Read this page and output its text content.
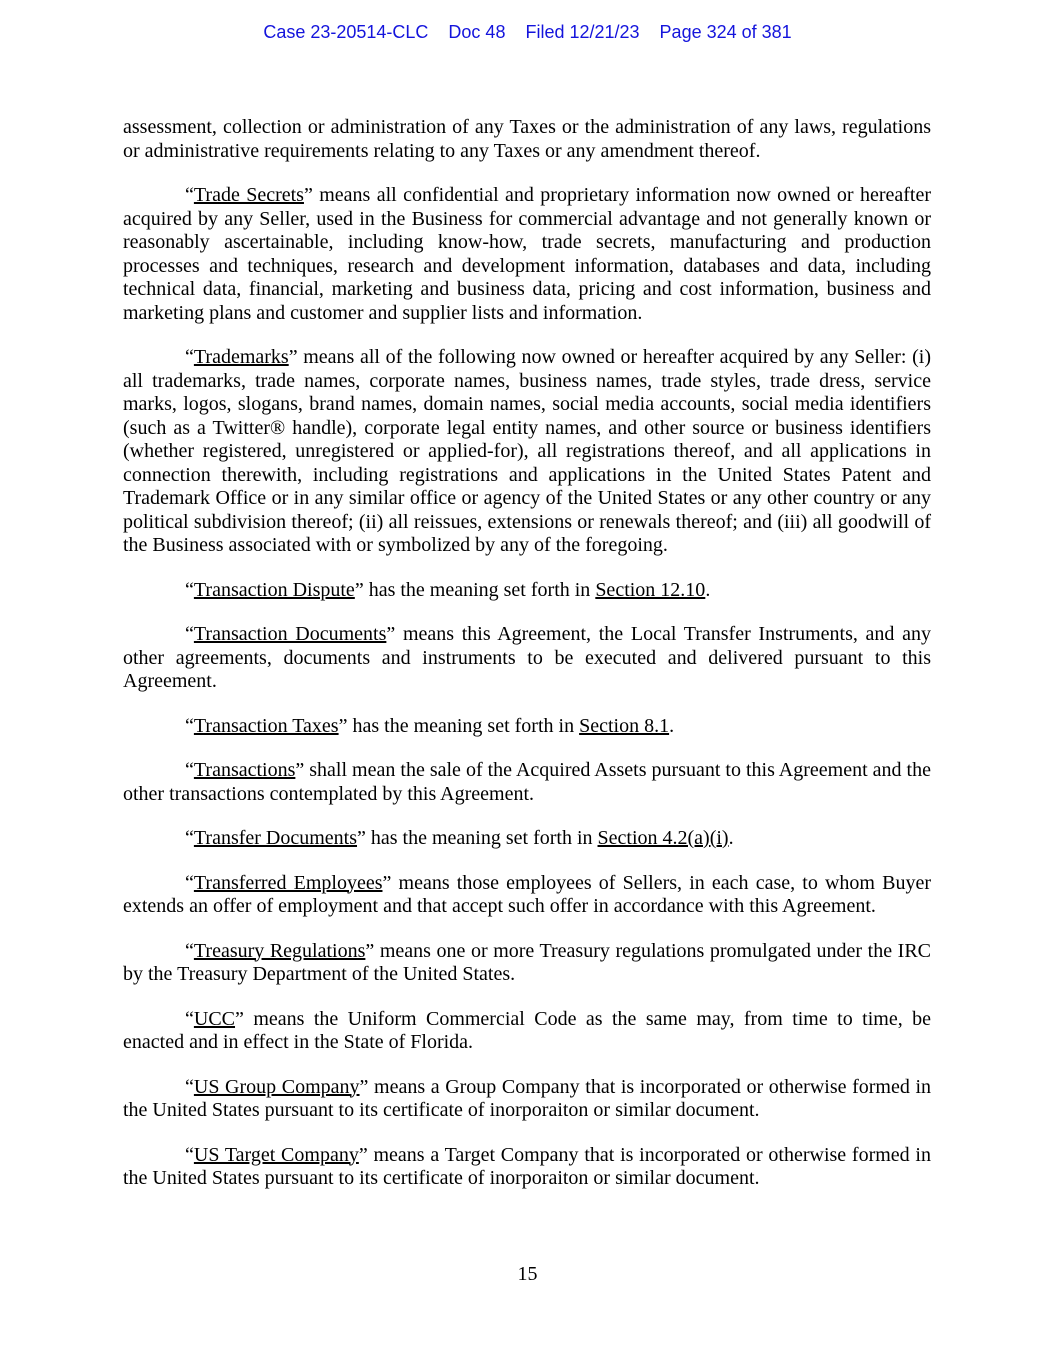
Case 23-20514-CLC    Doc 48    Filed 12/21/23    Page 324 of 381

assessment, collection or administration of any Taxes or the administration of any laws, regulations or administrative requirements relating to any Taxes or any amendment thereof.

“Trade Secrets” means all confidential and proprietary information now owned or hereafter acquired by any Seller, used in the Business for commercial advantage and not generally known or reasonably ascertainable, including know-how, trade secrets, manufacturing and production processes and techniques, research and development information, databases and data, including technical data, financial, marketing and business data, pricing and cost information, business and marketing plans and customer and supplier lists and information.

“Trademarks” means all of the following now owned or hereafter acquired by any Seller: (i) all trademarks, trade names, corporate names, business names, trade styles, trade dress, service marks, logos, slogans, brand names, domain names, social media accounts, social media identifiers (such as a Twitter® handle), corporate legal entity names, and other source or business identifiers (whether registered, unregistered or applied-for), all registrations thereof, and all applications in connection therewith, including registrations and applications in the United States Patent and Trademark Office or in any similar office or agency of the United States or any other country or any political subdivision thereof; (ii) all reissues, extensions or renewals thereof; and (iii) all goodwill of the Business associated with or symbolized by any of the foregoing.

“Transaction Dispute” has the meaning set forth in Section 12.10.

“Transaction Documents” means this Agreement, the Local Transfer Instruments, and any other agreements, documents and instruments to be executed and delivered pursuant to this Agreement.

“Transaction Taxes” has the meaning set forth in Section 8.1.

“Transactions” shall mean the sale of the Acquired Assets pursuant to this Agreement and the other transactions contemplated by this Agreement.

“Transfer Documents” has the meaning set forth in Section 4.2(a)(i).

“Transferred Employees” means those employees of Sellers, in each case, to whom Buyer extends an offer of employment and that accept such offer in accordance with this Agreement.

“Treasury Regulations” means one or more Treasury regulations promulgated under the IRC by the Treasury Department of the United States.

“UCC” means the Uniform Commercial Code as the same may, from time to time, be enacted and in effect in the State of Florida.

“US Group Company” means a Group Company that is incorporated or otherwise formed in the United States pursuant to its certificate of inorporaiton or similar document.

“US Target Company” means a Target Company that is incorporated or otherwise formed in the United States pursuant to its certificate of inorporaiton or similar document.

15
